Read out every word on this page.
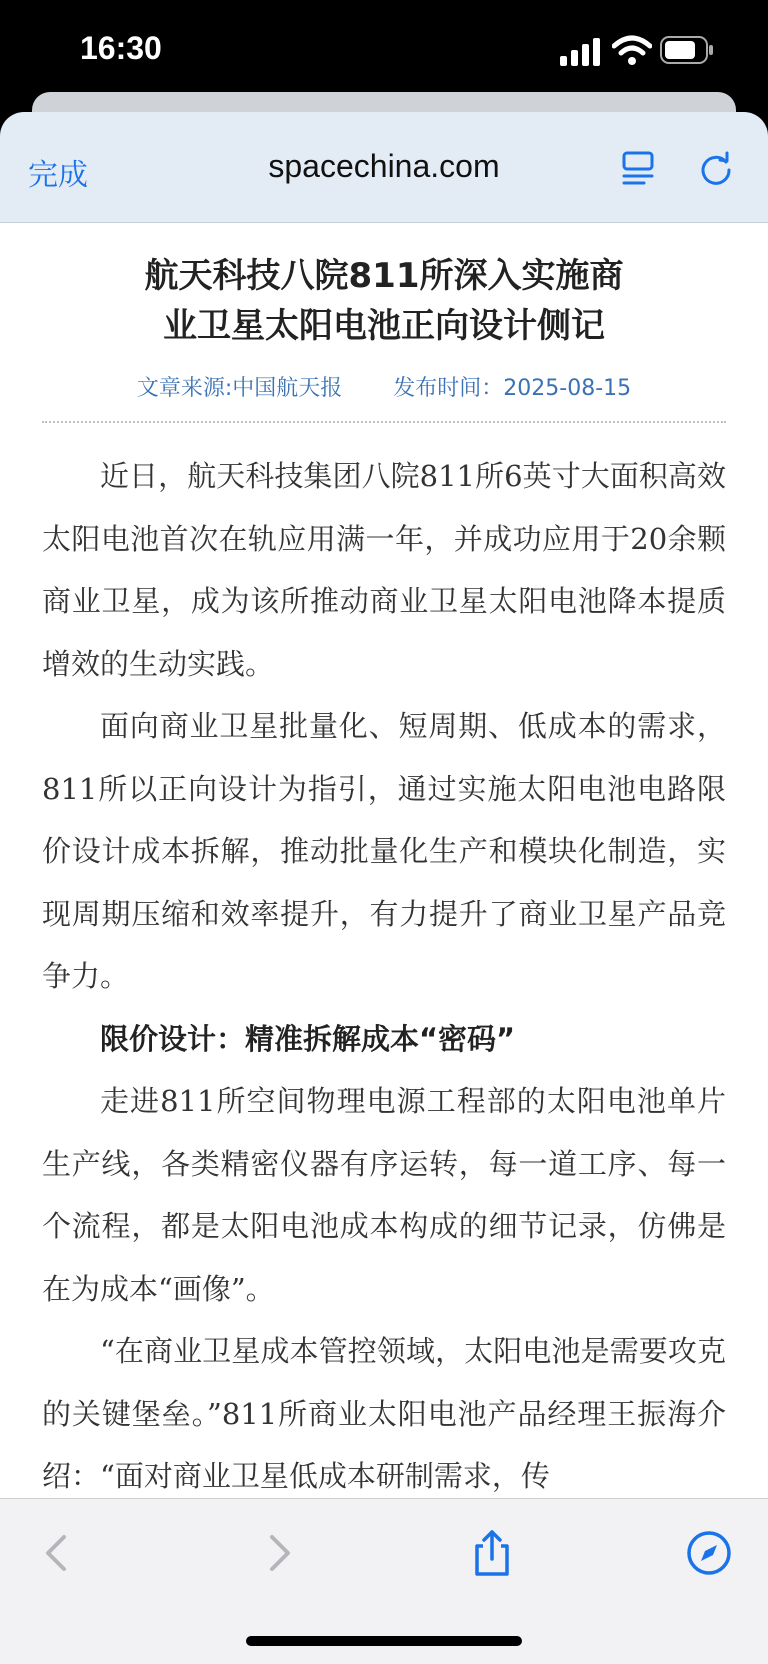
16:30
完成	spacechina.com
航天科技八院811所深入实施商
业卫星太阳电池正向设计侧记
文章来源:中国航天报 发布时间：2025-08-15

近日，航天科技集团八院811所6英寸大面积高效太阳电池首次在轨应用满一年，并成功应用于20余颗商业卫星，成为该所推动商业卫星太阳电池降本提质增效的生动实践。

面向商业卫星批量化、短周期、低成本的需求，811所以正向设计为指引，通过实施太阳电池电路限价设计成本拆解，推动批量化生产和模块化制造，实现周期压缩和效率提升，有力提升了商业卫星产品竞争力。

限价设计：精准拆解成本“密码”

走进811所空间物理电源工程部的太阳电池单片生产线，各类精密仪器有序运转，每一道工序、每一个流程，都是太阳电池成本构成的细节记录，仿佛是在为成本“画像”。

“在商业卫星成本管控领域，太阳电池是需要攻克的关键堡垒。”811所商业太阳电池产品经理王振海介绍：“面对商业卫星低成本研制需求，传
